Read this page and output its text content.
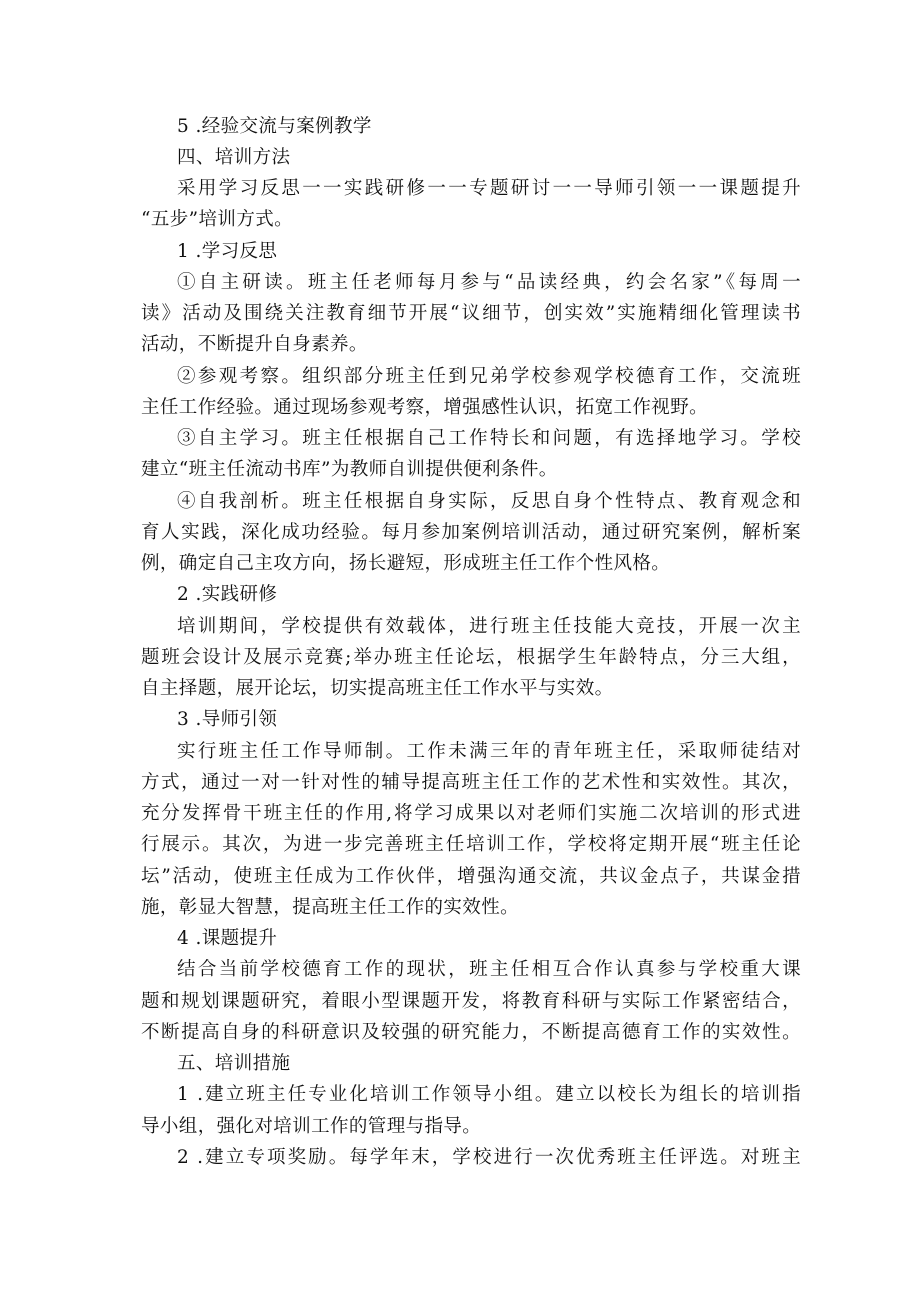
5 .经验交流与案例教学
四、培训方法
采用学习反思一一实践研修一一专题研讨一一导师引领一一课题提升
“五步”培训方式。
1 .学习反思
①自主研读。班主任老师每月参与“品读经典，约会名家”《每周一
读》活动及围绕关注教育细节开展“议细节，创实效”实施精细化管理读书
活动，不断提升自身素养。
②参观考察。组织部分班主任到兄弟学校参观学校德育工作，交流班
主任工作经验。通过现场参观考察，增强感性认识，拓宽工作视野。
③自主学习。班主任根据自己工作特长和问题，有选择地学习。学校
建立“班主任流动书库”为教师自训提供便利条件。
④自我剖析。班主任根据自身实际，反思自身个性特点、教育观念和
育人实践，深化成功经验。每月参加案例培训活动，通过研究案例，解析案
例，确定自己主攻方向，扬长避短，形成班主任工作个性风格。
2 .实践研修
培训期间，学校提供有效载体，进行班主任技能大竞技，开展一次主
题班会设计及展示竞赛;举办班主任论坛，根据学生年龄特点，分三大组，
自主择题，展开论坛，切实提高班主任工作水平与实效。
3 .导师引领
实行班主任工作导师制。工作未满三年的青年班主任，采取师徒结对
方式，通过一对一针对性的辅导提高班主任工作的艺术性和实效性。其次，
充分发挥骨干班主任的作用,将学习成果以对老师们实施二次培训的形式进
行展示。其次，为进一步完善班主任培训工作，学校将定期开展“班主任论
坛”活动，使班主任成为工作伙伴，增强沟通交流，共议金点子，共谋金措
施，彰显大智慧，提高班主任工作的实效性。
4 .课题提升
结合当前学校德育工作的现状，班主任相互合作认真参与学校重大课
题和规划课题研究，着眼小型课题开发，将教育科研与实际工作紧密结合，
不断提高自身的科研意识及较强的研究能力，不断提高德育工作的实效性。
五、培训措施
1 .建立班主任专业化培训工作领导小组。建立以校长为组长的培训指
导小组，强化对培训工作的管理与指导。
2 .建立专项奖励。每学年末，学校进行一次优秀班主任评选。对班主
